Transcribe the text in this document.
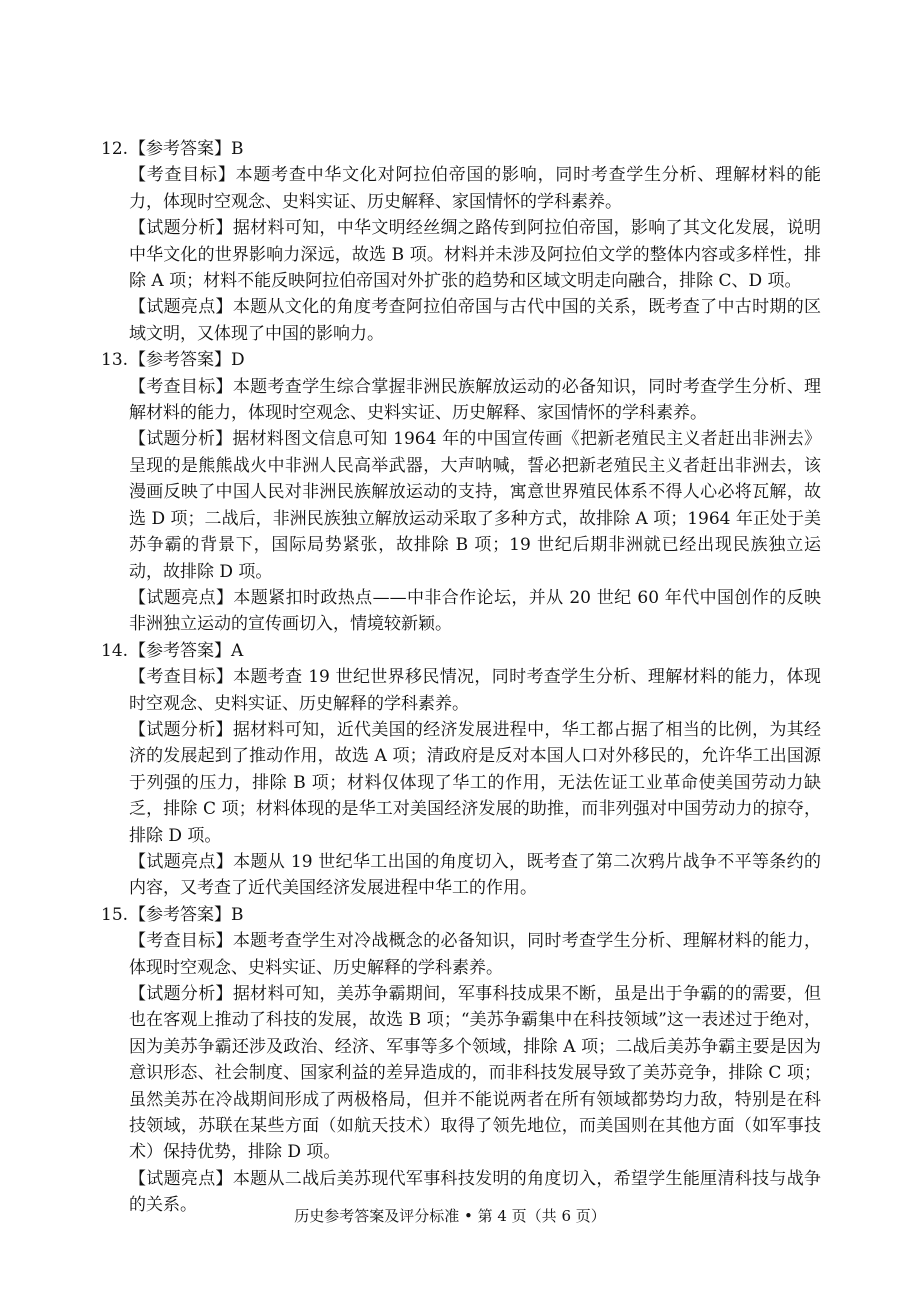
12.【参考答案】B

【考查目标】本题考查中华文化对阿拉伯帝国的影响，同时考查学生分析、理解材料的能力，体现时空观念、史料实证、历史解释、家国情怀的学科素养。

【试题分析】据材料可知，中华文明经丝绸之路传到阿拉伯帝国，影响了其文化发展，说明中华文化的世界影响力深远，故选 B 项。材料并未涉及阿拉伯文学的整体内容或多样性，排除 A 项；材料不能反映阿拉伯帝国对外扩张的趋势和区域文明走向融合，排除 C、D 项。

【试题亮点】本题从文化的角度考查阿拉伯帝国与古代中国的关系，既考查了中古时期的区域文明，又体现了中国的影响力。

13.【参考答案】D

【考查目标】本题考查学生综合掌握非洲民族解放运动的必备知识，同时考查学生分析、理解材料的能力，体现时空观念、史料实证、历史解释、家国情怀的学科素养。

【试题分析】据材料图文信息可知 1964 年的中国宣传画《把新老殖民主义者赶出非洲去》呈现的是熊熊战火中非洲人民高举武器，大声呐喊，誓必把新老殖民主义者赶出非洲去，该漫画反映了中国人民对非洲民族解放运动的支持，寓意世界殖民体系不得人心必将瓦解，故选 D 项；二战后，非洲民族独立解放运动采取了多种方式，故排除 A 项；1964 年正处于美苏争霸的背景下，国际局势紧张，故排除 B 项；19 世纪后期非洲就已经出现民族独立运动，故排除 D 项。

【试题亮点】本题紧扣时政热点——中非合作论坛，并从 20 世纪 60 年代中国创作的反映非洲独立运动的宣传画切入，情境较新颖。

14.【参考答案】A

【考查目标】本题考查 19 世纪世界移民情况，同时考查学生分析、理解材料的能力，体现时空观念、史料实证、历史解释的学科素养。

【试题分析】据材料可知，近代美国的经济发展进程中，华工都占据了相当的比例，为其经济的发展起到了推动作用，故选 A 项；清政府是反对本国人口对外移民的，允许华工出国源于列强的压力，排除 B 项；材料仅体现了华工的作用，无法佐证工业革命使美国劳动力缺乏，排除 C 项；材料体现的是华工对美国经济发展的助推，而非列强对中国劳动力的掠夺，排除 D 项。

【试题亮点】本题从 19 世纪华工出国的角度切入，既考查了第二次鸦片战争不平等条约的内容，又考查了近代美国经济发展进程中华工的作用。

15.【参考答案】B

【考查目标】本题考查学生对冷战概念的必备知识，同时考查学生分析、理解材料的能力，体现时空观念、史料实证、历史解释的学科素养。

【试题分析】据材料可知，美苏争霸期间，军事科技成果不断，虽是出于争霸的的需要，但也在客观上推动了科技的发展，故选 B 项；“美苏争霸集中在科技领域”这一表述过于绝对，因为美苏争霸还涉及政治、经济、军事等多个领域，排除 A 项；二战后美苏争霸主要是因为意识形态、社会制度、国家利益的差异造成的，而非科技发展导致了美苏竞争，排除 C 项；虽然美苏在冷战期间形成了两极格局，但并不能说两者在所有领域都势均力敌，特别是在科技领域，苏联在某些方面（如航天技术）取得了领先地位，而美国则在其他方面（如军事技术）保持优势，排除 D 项。

【试题亮点】本题从二战后美苏现代军事科技发明的角度切入，希望学生能厘清科技与战争的关系。

历史参考答案及评分标准 • 第 4 页（共 6 页）
